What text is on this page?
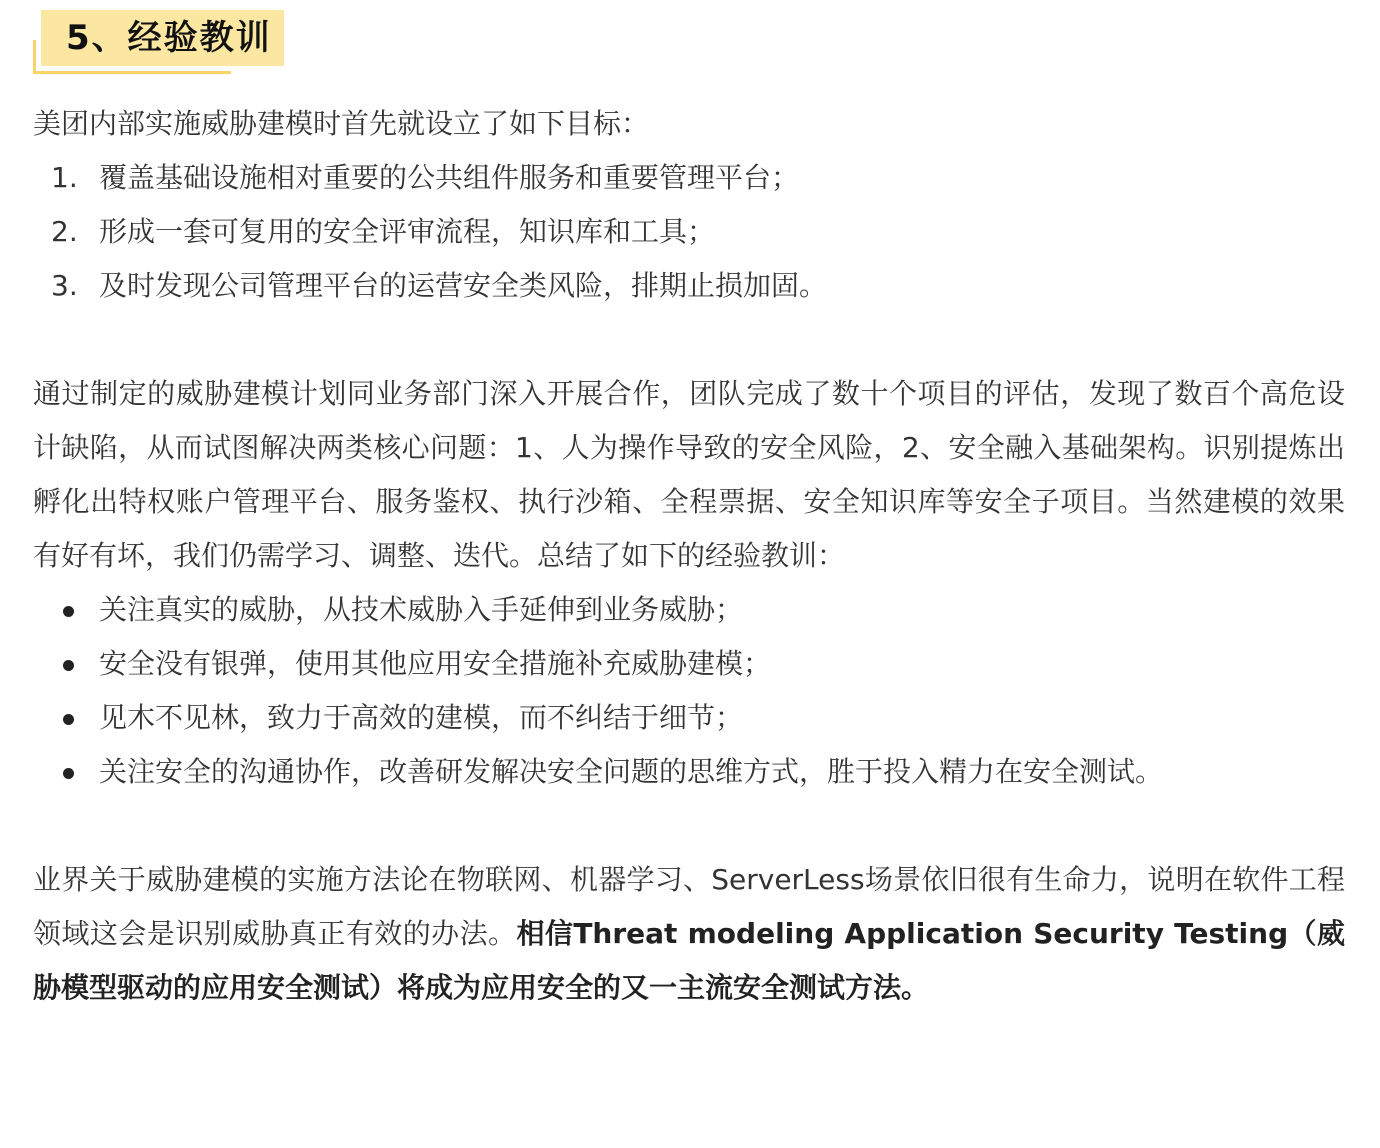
5、经验教训

美团内部实施威胁建模时首先就设立了如下目标：

1. 覆盖基础设施相对重要的公共组件服务和重要管理平台；
2. 形成一套可复用的安全评审流程，知识库和工具；
3. 及时发现公司管理平台的运营安全类风险，排期止损加固。

通过制定的威胁建模计划同业务部门深入开展合作，团队完成了数十个项目的评估，发现了数百个高危设计缺陷，从而试图解决两类核心问题：1、人为操作导致的安全风险，2、安全融入基础架构。识别提炼出孵化出特权账户管理平台、服务鉴权、执行沙箱、全程票据、安全知识库等安全子项目。当然建模的效果有好有坏，我们仍需学习、调整、迭代。总结了如下的经验教训：

关注真实的威胁，从技术威胁入手延伸到业务威胁；
安全没有银弹，使用其他应用安全措施补充威胁建模；
见木不见林，致力于高效的建模，而不纠结于细节；
关注安全的沟通协作，改善研发解决安全问题的思维方式，胜于投入精力在安全测试。

业界关于威胁建模的实施方法论在物联网、机器学习、ServerLess场景依旧很有生命力，说明在软件工程领域这会是识别威胁真正有效的办法。相信Threat modeling Application Security Testing（威胁模型驱动的应用安全测试）将成为应用安全的又一主流安全测试方法。
